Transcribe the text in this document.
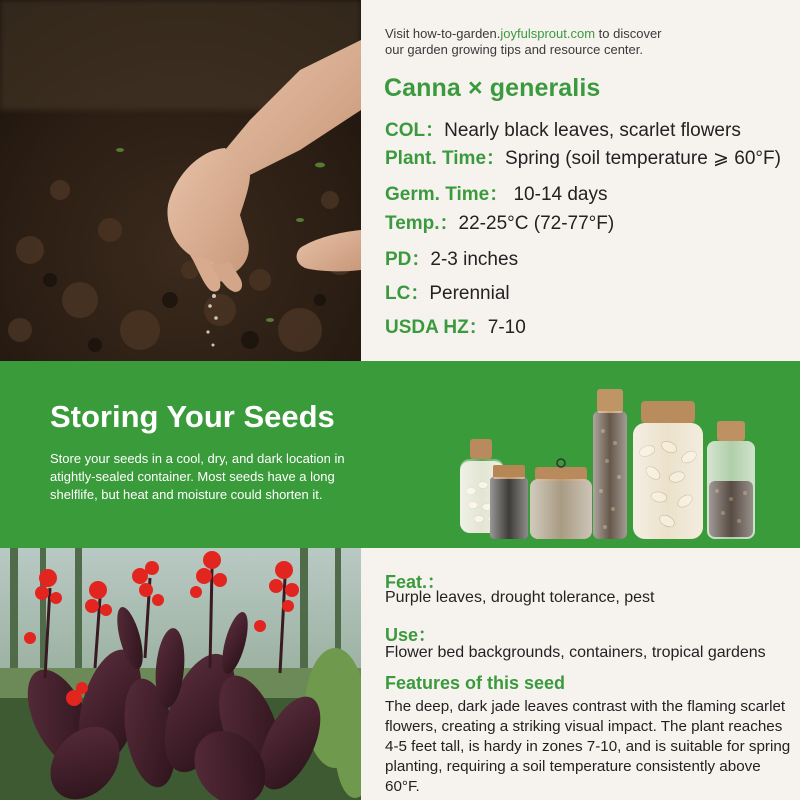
Visit how-to-garden.joyfulsprout.com to discover
our garden growing tips and resource center.

Canna × generalis
COL：Nearly black leaves, scarlet flowers
Plant. Time：Spring (soil temperature ⩾ 60°F)
Germ. Time： 10-14 days
Temp.：22-25°C (72-77°F)
PD：2-3 inches
LC：Perennial
USDA HZ：7-10
Storing Your Seeds

Store your seeds in a cool, dry, and dark location in atightly-sealed container. Most seeds have a long shelflife, but heat and moisture could shorten it.

Feat.：

Purple leaves, drought tolerance, pest

Use：

Flower bed backgrounds, containers, tropical gardens

Features of this seed

The deep, dark jade leaves contrast with the flaming scarlet flowers, creating a striking visual impact. The plant reaches 4-5 feet tall, is hardy in zones 7-10, and is suitable for spring planting, requiring a soil temperature consistently above 60°F.
